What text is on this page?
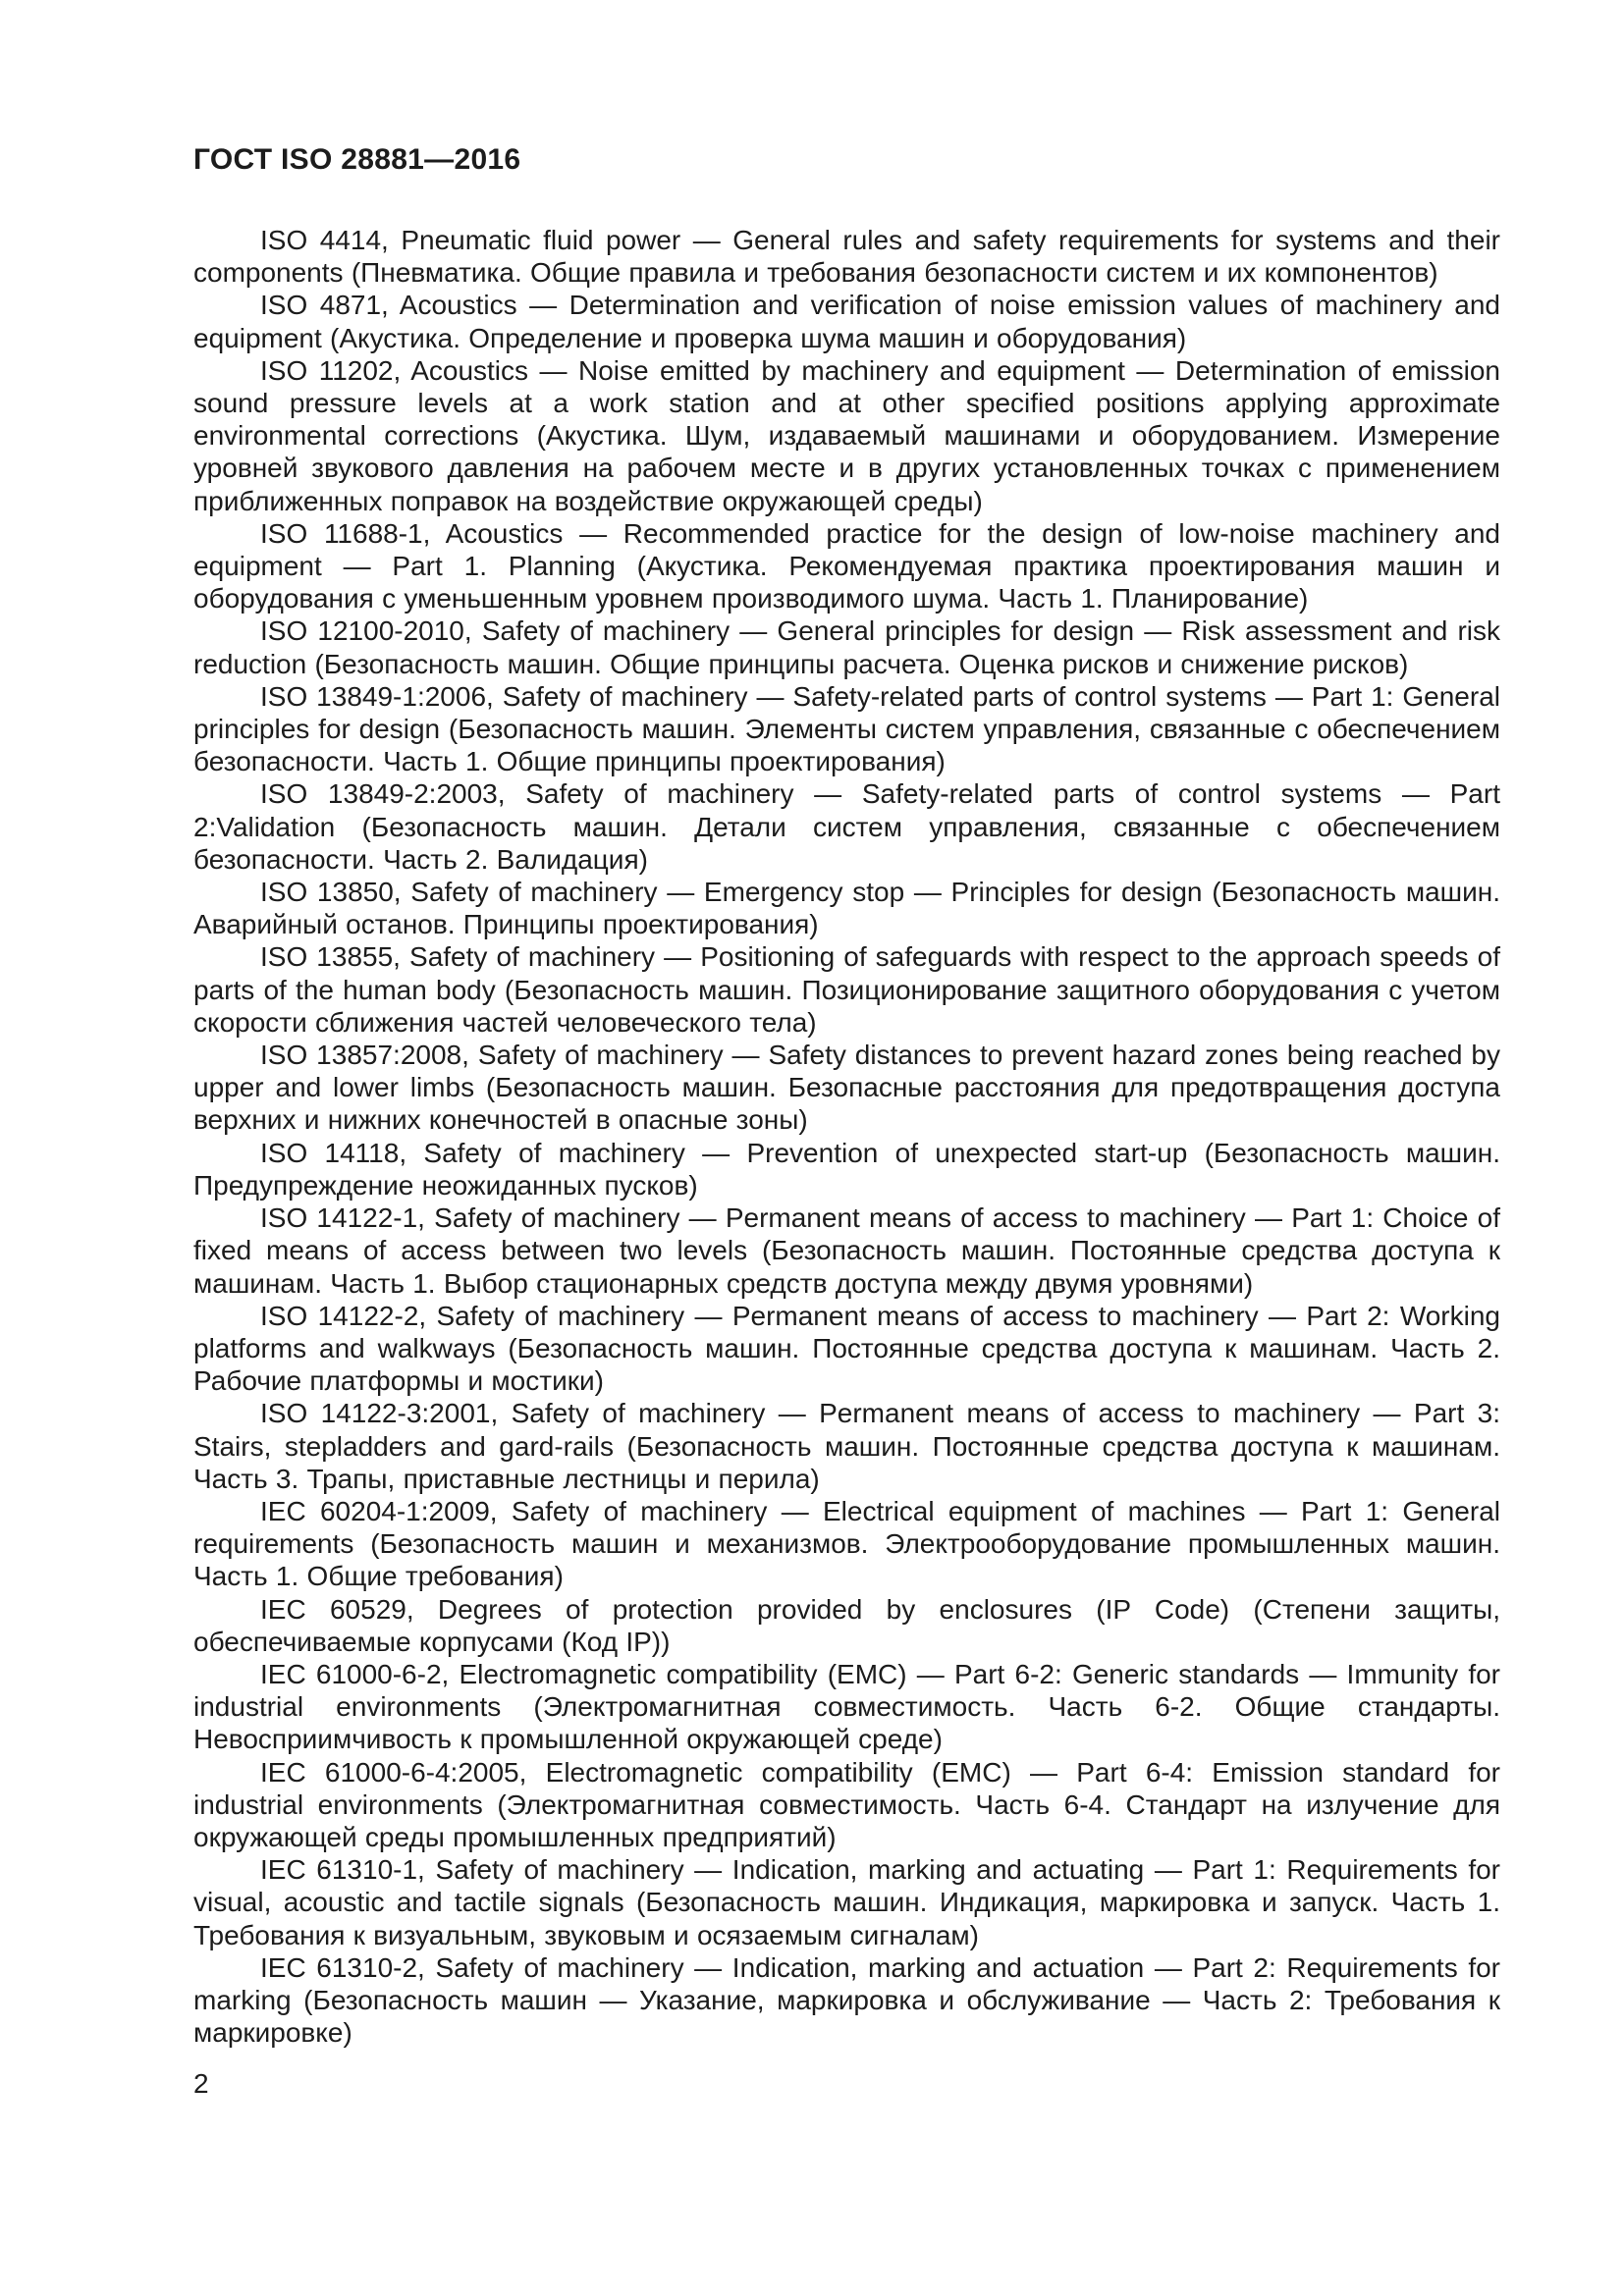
ГОСТ ISO 28881—2016

ISO 4414, Pneumatic fluid power — General rules and safety requirements for systems and their components (Пневматика. Общие правила и требования безопасности систем и их компонентов)

ISO 4871, Acoustics — Determination and verification of noise emission values of machinery and equipment (Акустика. Определение и проверка шума машин и оборудования)

ISO 11202, Acoustics — Noise emitted by machinery and equipment — Determination of emission sound pressure levels at a work station and at other specified positions applying approximate environmental corrections (Акустика. Шум, издаваемый машинами и оборудованием. Измерение уровней звукового давления на рабочем месте и в других установленных точках с применением приближенных поправок на воздействие окружающей среды)

ISO 11688-1, Acoustics — Recommended practice for the design of low-noise machinery and equipment — Part 1. Planning (Акустика. Рекомендуемая практика проектирования машин и оборудования с уменьшенным уровнем производимого шума. Часть 1. Планирование)

ISO 12100-2010, Safety of machinery — General principles for design — Risk assessment and risk reduction (Безопасность машин. Общие принципы расчета. Оценка рисков и снижение рисков)

ISO 13849-1:2006, Safety of machinery — Safety-related parts of control systems — Part 1: General principles for design (Безопасность машин. Элементы систем управления, связанные с обеспечением безопасности. Часть 1. Общие принципы проектирования)

ISO 13849-2:2003, Safety of machinery — Safety-related parts of control systems — Part 2:Validation (Безопасность машин. Детали систем управления, связанные с обеспечением безопасности. Часть 2. Валидация)

ISO 13850, Safety of machinery — Emergency stop — Principles for design (Безопасность машин. Аварийный останов. Принципы проектирования)

ISO 13855, Safety of machinery — Positioning of safeguards with respect to the approach speeds of parts of the human body (Безопасность машин. Позиционирование защитного оборудования с учетом скорости сближения частей человеческого тела)

ISO 13857:2008, Safety of machinery — Safety distances to prevent hazard zones being reached by upper and lower limbs (Безопасность машин. Безопасные расстояния для предотвращения доступа верхних и нижних конечностей в опасные зоны)

ISO 14118, Safety of machinery — Prevention of unexpected start-up (Безопасность машин. Предупреждение неожиданных пусков)

ISO 14122-1, Safety of machinery — Permanent means of access to machinery — Part 1: Choice of fixed means of access between two levels (Безопасность машин. Постоянные средства доступа к машинам. Часть 1. Выбор стационарных средств доступа между двумя уровнями)

ISO 14122-2, Safety of machinery — Permanent means of access to machinery — Part 2: Working platforms and walkways (Безопасность машин. Постоянные средства доступа к машинам. Часть 2. Рабочие платформы и мостики)

ISO 14122-3:2001, Safety of machinery — Permanent means of access to machinery — Part 3: Stairs, stepladders and gard-rails (Безопасность машин. Постоянные средства доступа к машинам. Часть 3. Трапы, приставные лестницы и перила)

IEC 60204-1:2009, Safety of machinery — Electrical equipment of machines — Part 1: General requirements (Безопасность машин и механизмов. Электрооборудование промышленных машин. Часть 1. Общие требования)

IEC 60529, Degrees of protection provided by enclosures (IP Code) (Степени защиты, обеспечиваемые корпусами (Код IP))

IEC 61000-6-2, Electromagnetic compatibility (EMC) — Part 6-2: Generic standards — Immunity for industrial environments (Электромагнитная совместимость. Часть 6-2. Общие стандарты. Невосприимчивость к промышленной окружающей среде)

IEC 61000-6-4:2005, Electromagnetic compatibility (EMC) — Part 6-4: Emission standard for industrial environments (Электромагнитная совместимость. Часть 6-4. Стандарт на излучение для окружающей среды промышленных предприятий)

IEC 61310-1, Safety of machinery — Indication, marking and actuating — Part 1: Requirements for visual, acoustic and tactile signals (Безопасность машин. Индикация, маркировка и запуск. Часть 1. Требования к визуальным, звуковым и осязаемым сигналам)

IEC 61310-2, Safety of machinery — Indication, marking and actuation — Part 2: Requirements for marking (Безопасность машин — Указание, маркировка и обслуживание — Часть 2: Требования к маркировке)

2
